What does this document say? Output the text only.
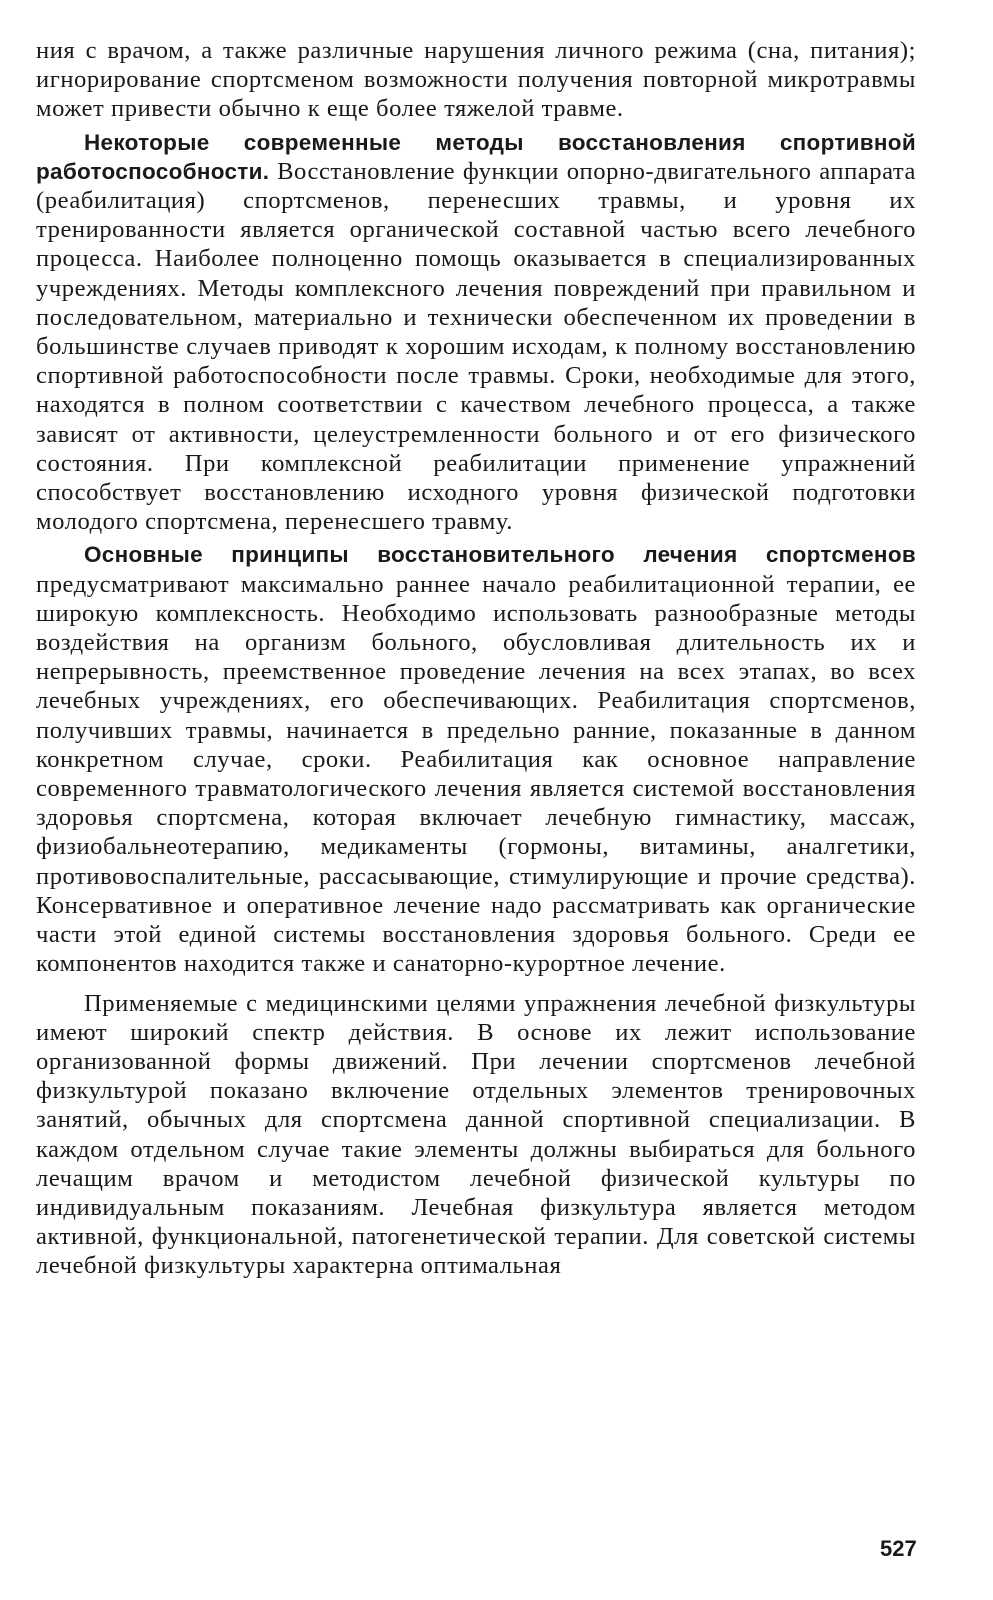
ния с врачом, а также различные нарушения личного режима (сна, питания); игнорирование спортсменом возможности получения повторной микротравмы может привести обычно к еще более тяжелой травме.

Некоторые современные методы восстановления спортивной работоспособности. Восстановление функции опорно-двигательного аппарата (реабилитация) спортсменов, перенесших травмы, и уровня их тренированности является органической составной частью всего лечебного процесса. Наиболее полноценно помощь оказывается в специализированных учреждениях. Методы комплексного лечения повреждений при правильном и последовательном, материально и технически обеспеченном их проведении в большинстве случаев приводят к хорошим исходам, к полному восстановлению спортивной работоспособности после травмы. Сроки, необходимые для этого, находятся в полном соответствии с качеством лечебного процесса, а также зависят от активности, целеустремленности больного и от его физического состояния. При комплексной реабилитации применение упражнений способствует восстановлению исходного уровня физической подготовки молодого спортсмена, перенесшего травму.

Основные принципы восстановительного лечения спортсменов предусматривают максимально раннее начало реабилитационной терапии, ее широкую комплексность. Необходимо использовать разнообразные методы воздействия на организм больного, обусловливая длительность их и непрерывность, преемственное проведение лечения на всех этапах, во всех лечебных учреждениях, его обеспечивающих. Реабилитация спортсменов, получивших травмы, начинается в предельно ранние, показанные в данном конкретном случае, сроки. Реабилитация как основное направление современного травматологического лечения является системой восстановления здоровья спортсмена, которая включает лечебную гимнастику, массаж, физиобальнеотерапию, медикаменты (гормоны, витамины, аналгетики, противовоспалительные, рассасывающие, стимулирующие и прочие средства). Консервативное и оперативное лечение надо рассматривать как органические части этой единой системы восстановления здоровья больного. Среди ее компонентов находится также и санаторно-курортное лечение.

Применяемые с медицинскими целями упражнения лечебной физкультуры имеют широкий спектр действия. В основе их лежит использование организованной формы движений. При лечении спортсменов лечебной физкультурой показано включение отдельных элементов тренировочных занятий, обычных для спортсмена данной спортивной специализации. В каждом отдельном случае такие элементы должны выбираться для больного лечащим врачом и методистом лечебной физической культуры по индивидуальным показаниям. Лечебная физкультура является методом активной, функциональной, патогенетической терапии. Для советской системы лечебной физкультуры характерна оптимальная

527
